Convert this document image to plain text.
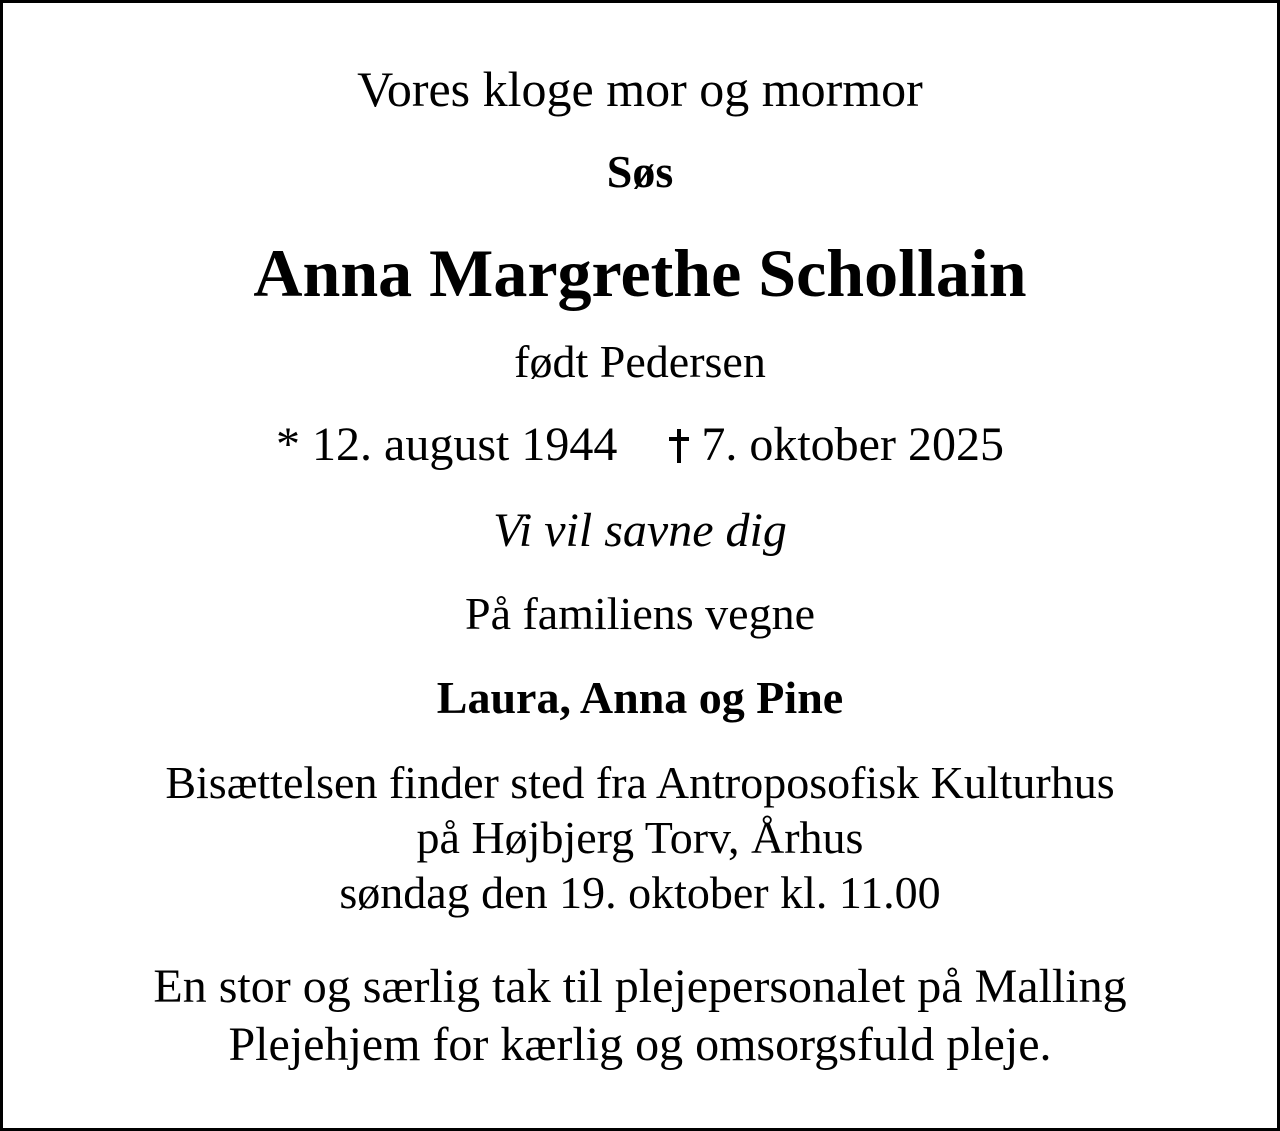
Vores kloge mor og mormor

Søs

Anna Margrethe Schollain

født Pedersen

* 12. august 1944 7. oktober 2025

Vi vil savne dig

På familiens vegne

Laura, Anna og Pine

Bisættelsen finder sted fra Antroposofisk Kulturhus
på Højbjerg Torv, Århus
søndag den 19. oktober kl. 11.00

En stor og særlig tak til plejepersonalet på Malling
Plejehjem for kærlig og omsorgsfuld pleje.
